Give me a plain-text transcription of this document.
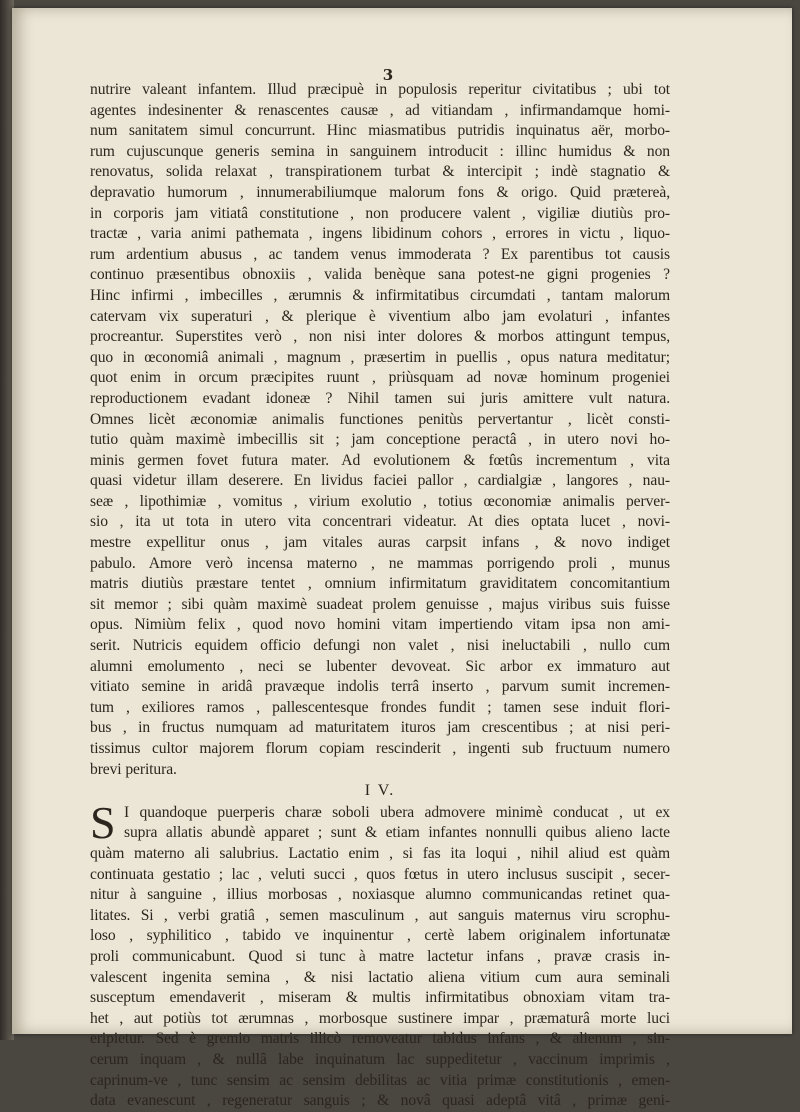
3
nutrire valeant infantem. Illud præcipuè in populosis reperitur civitatibus ; ubi tot
agentes indesinenter & renascentes causæ , ad vitiandam , infirmandamque homi-
num sanitatem simul concurrunt. Hinc miasmatibus putridis inquinatus aër, morbo-
rum cujuscunque generis semina in sanguinem introducit : illinc humidus & non
renovatus, solida relaxat , transpirationem turbat & intercipit ; indè stagnatio &
depravatio humorum , innumerabiliumque malorum fons & origo. Quid prætereà,
in corporis jam vitiatâ constitutione , non producere valent , vigiliæ diutiùs pro-
tractæ , varia animi pathemata , ingens libidinum cohors , errores in victu , liquo-
rum ardentium abusus , ac tandem venus immoderata ? Ex parentibus tot causis
continuo præsentibus obnoxiis , valida benèque sana potest-ne gigni progenies ?
Hinc infirmi , imbecilles , ærumnis & infirmitatibus circumdati , tantam malorum
catervam vix superaturi , & plerique è viventium albo jam evolaturi , infantes
procreantur. Superstites verò , non nisi inter dolores & morbos attingunt tempus,
quo in œconomiâ animali , magnum , præsertim in puellis , opus natura meditatur;
quot enim in orcum præcipites ruunt , priùsquam ad novæ hominum progeniei
reproductionem evadant idoneæ ? Nihil tamen sui juris amittere vult natura.
Omnes licèt æconomiæ animalis functiones penitùs pervertantur , licèt consti-
tutio quàm maximè imbecillis sit ; jam conceptione peractâ , in utero novi ho-
minis germen fovet futura mater. Ad evolutionem & fœtûs incrementum , vita
quasi videtur illam deserere. En lividus faciei pallor , cardialgiæ , langores , nau-
seæ , lipothimiæ , vomitus , virium exolutio , totius œconomiæ animalis perver-
sio , ita ut tota in utero vita concentrari videatur. At dies optata lucet , novi-
mestre expellitur onus , jam vitales auras carpsit infans , & novo indiget
pabulo. Amore verò incensa materno , ne mammas porrigendo proli , munus
matris diutiùs præstare tentet , omnium infirmitatum graviditatem concomitantium
sit memor ; sibi quàm maximè suadeat prolem genuisse , majus viribus suis fuisse
opus. Nimiùm felix , quod novo homini vitam impertiendo vitam ipsa non ami-
serit. Nutricis equidem officio defungi non valet , nisi ineluctabili , nullo cum
alumni emolumento , neci se lubenter devoveat. Sic arbor ex immaturo aut
vitiato semine in aridâ pravæque indolis terrâ inserto , parvum sumit incremen-
tum , exiliores ramos , pallescentesque frondes fundit ; tamen sese induit flori-
bus , in fructus numquam ad maturitatem ituros jam crescentibus ; at nisi peri-
tissimus cultor majorem florum copiam rescinderit , ingenti sub fructuum numero
brevi peritura.
I V.
S I quandoque puerperis charæ soboli ubera admovere minimè conducat , ut ex
supra allatis abundè apparet ; sunt & etiam infantes nonnulli quibus alieno lacte
quàm materno ali salubrius. Lactatio enim , si fas ita loqui , nihil aliud est quàm
continuata gestatio ; lac , veluti succi , quos fœtus in utero inclusus suscipit , secer-
nitur à sanguine , illius morbosas , noxiasque alumno communicandas retinet qua-
litates. Si , verbi gratiâ , semen masculinum , aut sanguis maternus viru scrophu-
loso , syphilitico , tabido ve inquinentur , certè labem originalem infortunatæ
proli communicabunt. Quod si tunc à matre lactetur infans , pravæ crasis in-
valescent ingenita semina , & nisi lactatio aliena vitium cum aura seminali
susceptum emendaverit , miseram & multis infirmitatibus obnoxiam vitam tra-
het , aut potiùs tot ærumnas , morbosque sustinere impar , præmaturâ morte luci
eripietur. Sed è gremio matris illicò removeatur tabidus infans , & alienum , sin-
cerum inquam , & nullâ labe inquinatum lac suppeditetur , vaccinum imprimis ,
caprinum-ve , tunc sensim ac sensim debilitas ac vitia primæ constitutionis , emen-
data evanescunt , regeneratur sanguis ; & novâ quasi adeptâ vitâ , primæ geni-
